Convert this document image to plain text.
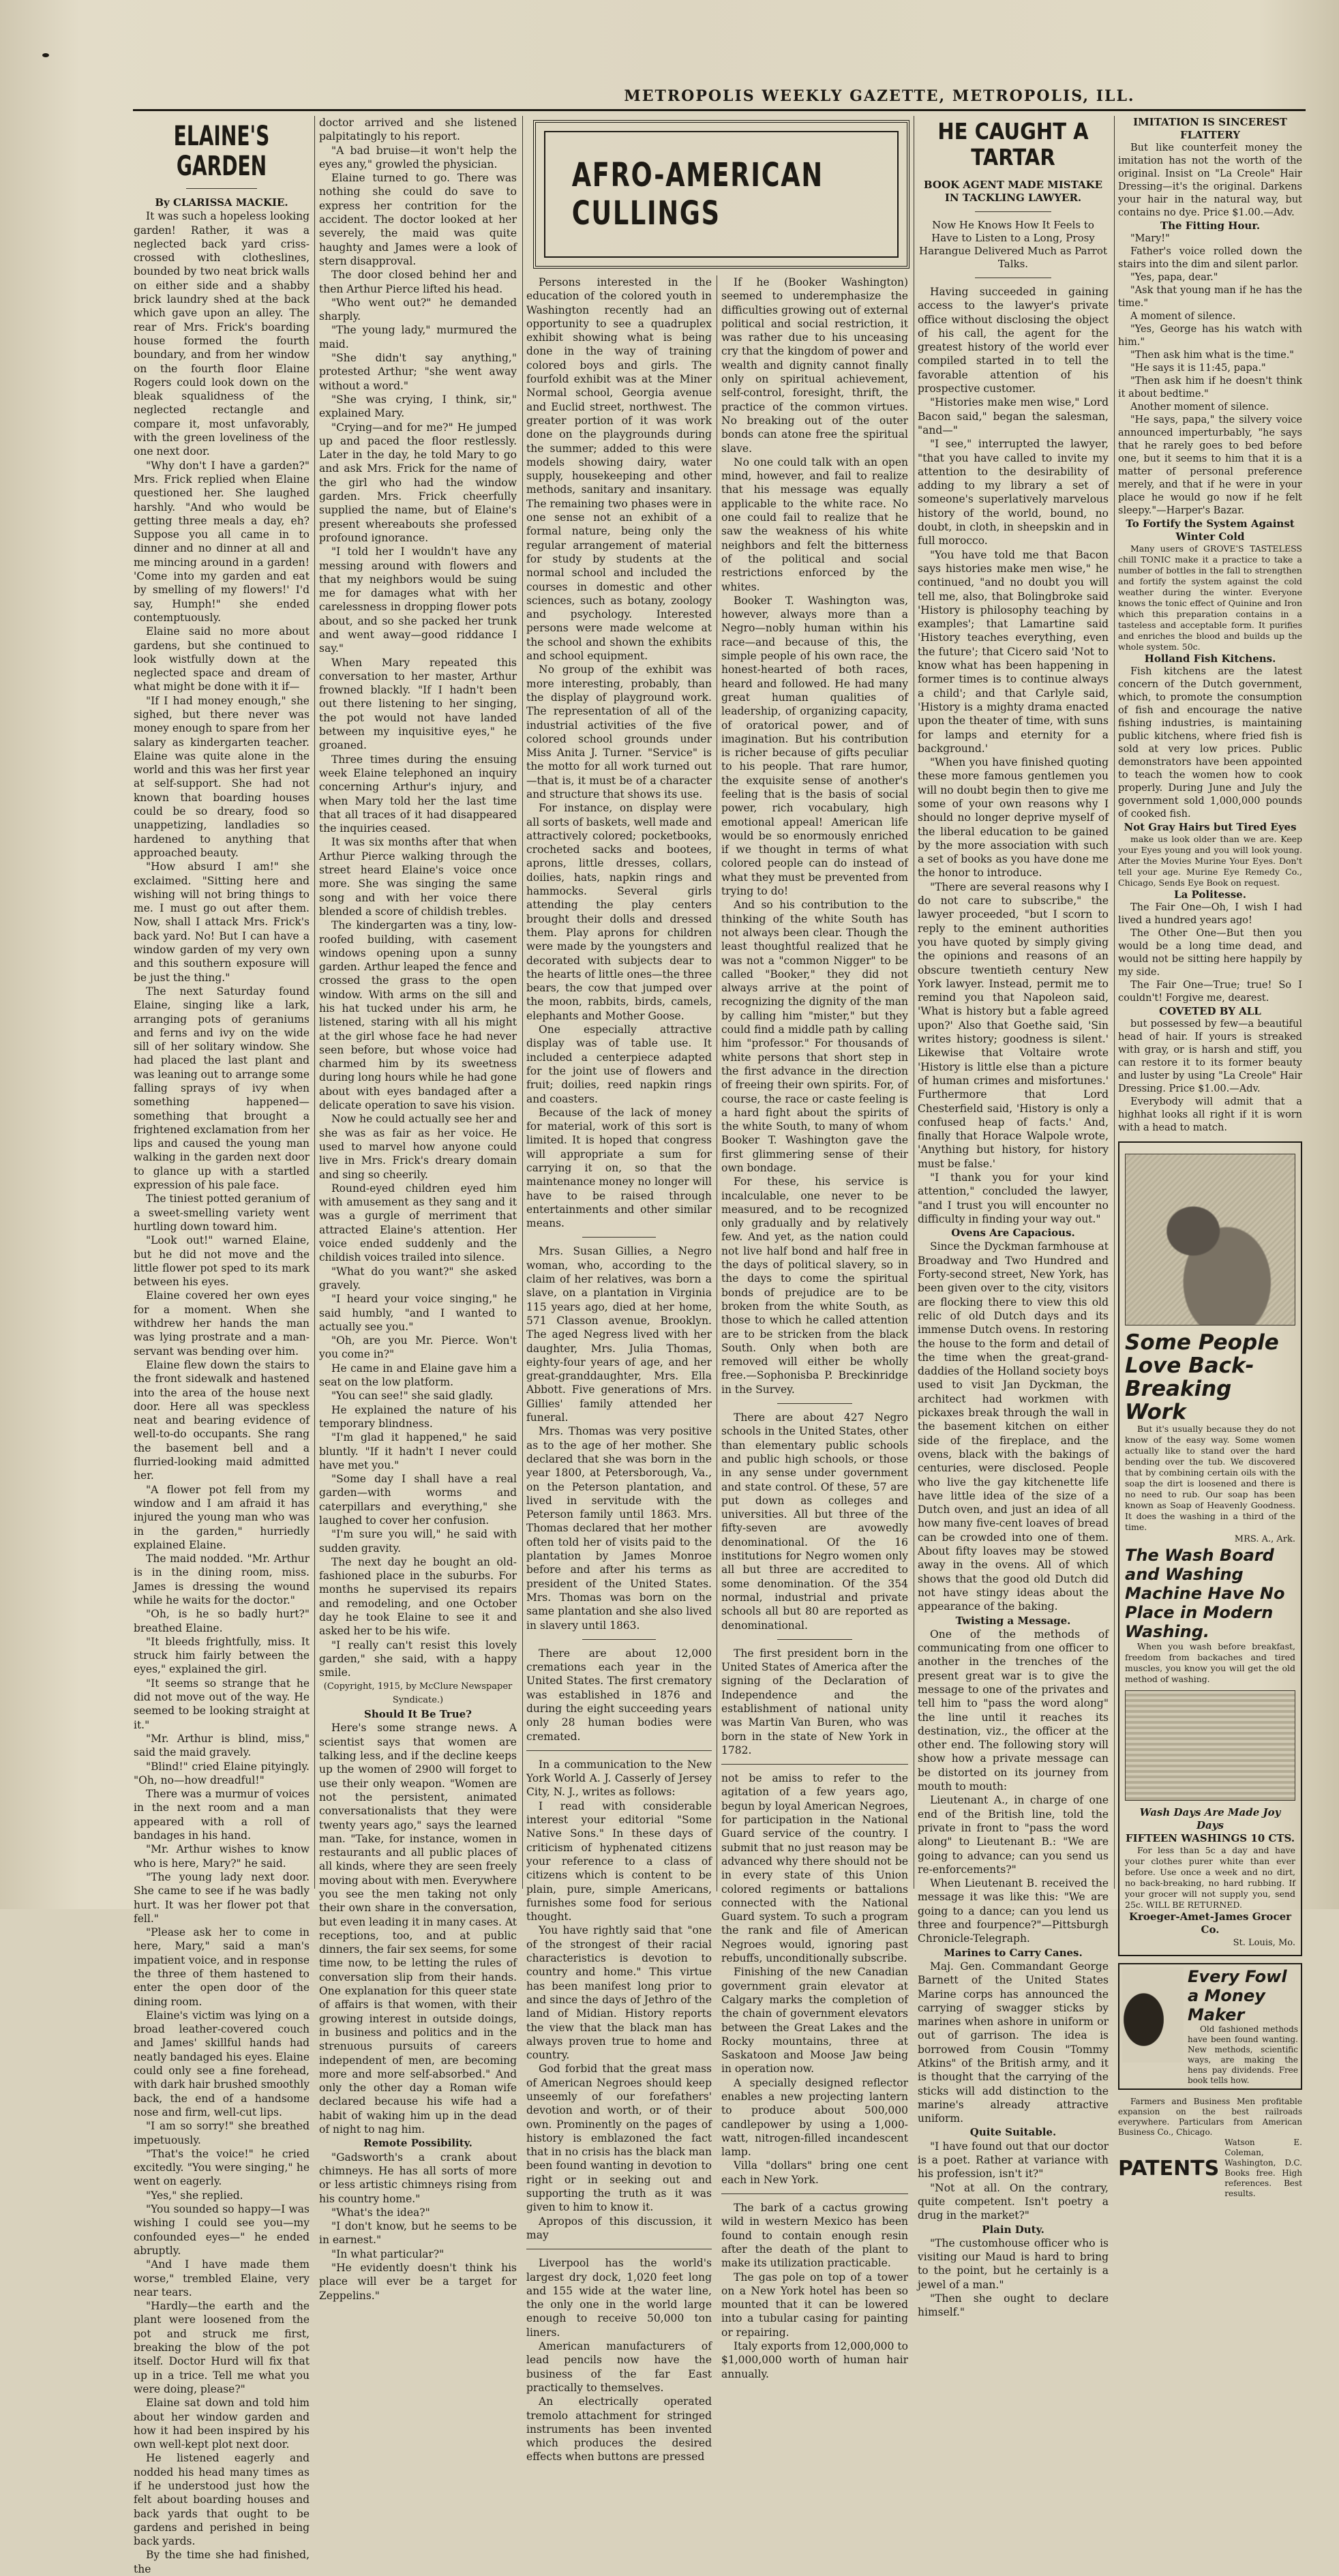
METROPOLIS WEEKLY GAZETTE, METROPOLIS, ILL.
ELAINE'S GARDEN

By CLARISSA MACKIE.

It was such a hopeless looking garden! Rather, it was a neglected back yard criss-crossed with clotheslines, bounded by two neat brick walls on either side and a shabby brick laundry shed at the back which gave upon an alley. The rear of Mrs. Frick's boarding house formed the fourth boundary, and from her window on the fourth floor Elaine Rogers could look down on the bleak squalidness of the neglected rectangle and compare it, most unfavorably, with the green loveliness of the one next door.

"Why don't I have a garden?" Mrs. Frick replied when Elaine questioned her. She laughed harshly. "And who would be getting three meals a day, eh? Suppose you all came in to dinner and no dinner at all and me mincing around in a garden! 'Come into my garden and eat by smelling of my flowers!' I'd say, Humph!" she ended contemptuously.

Elaine said no more about gardens, but she continued to look wistfully down at the neglected space and dream of what might be done with it if—

"If I had money enough," she sighed, but there never was money enough to spare from her salary as kindergarten teacher. Elaine was quite alone in the world and this was her first year at self-support. She had not known that boarding houses could be so dreary, food so unappetizing, landladies so hardened to anything that approached beauty.

"How absurd I am!" she exclaimed. "Sitting here and wishing will not bring things to me. I must go out after them. Now, shall I attack Mrs. Frick's back yard. No! But I can have a window garden of my very own and this southern exposure will be just the thing."

The next Saturday found Elaine, singing like a lark, arranging pots of geraniums and ferns and ivy on the wide sill of her solitary window. She had placed the last plant and was leaning out to arrange some falling sprays of ivy when something happened—something that brought a frightened exclamation from her lips and caused the young man walking in the garden next door to glance up with a startled expression of his pale face.

The tiniest potted geranium of a sweet-smelling variety went hurtling down toward him.

"Look out!" warned Elaine, but he did not move and the little flower pot sped to its mark between his eyes.

Elaine covered her own eyes for a moment. When she withdrew her hands the man was lying prostrate and a man-servant was bending over him.

Elaine flew down the stairs to the front sidewalk and hastened into the area of the house next door. Here all was speckless neat and bearing evidence of well-to-do occupants. She rang the basement bell and a flurried-looking maid admitted her.

"A flower pot fell from my window and I am afraid it has injured the young man who was in the garden," hurriedly explained Elaine.

The maid nodded. "Mr. Arthur is in the dining room, miss. James is dressing the wound while he waits for the doctor."

"Oh, is he so badly hurt?" breathed Elaine.

"It bleeds frightfully, miss. It struck him fairly between the eyes," explained the girl.

"It seems so strange that he did not move out of the way. He seemed to be looking straight at it."

"Mr. Arthur is blind, miss," said the maid gravely.

"Blind!" cried Elaine pityingly. "Oh, no—how dreadful!"

There was a murmur of voices in the next room and a man appeared with a roll of bandages in his hand.

"Mr. Arthur wishes to know who is here, Mary?" he said.

"The young lady next door. She came to see if he was badly hurt. It was her flower pot that fell."

"Please ask her to come in here, Mary," said a man's impatient voice, and in response the three of them hastened to enter the open door of the dining room.

Elaine's victim was lying on a broad leather-covered couch and James' skillful hands had neatly bandaged his eyes. Elaine could only see a fine forehead, with dark hair brushed smoothly back, the end of a handsome nose and firm, well-cut lips.

"I am so sorry!" she breathed impetuously.

"That's the voice!" he cried excitedly. "You were singing," he went on eagerly.

"Yes," she replied.

"You sounded so happy—I was wishing I could see you—my confounded eyes—" he ended abruptly.

"And I have made them worse," trembled Elaine, very near tears.

"Hardly—the earth and the plant were loosened from the pot and struck me first, breaking the blow of the pot itself. Doctor Hurd will fix that up in a trice. Tell me what you were doing, please?"

Elaine sat down and told him about her window garden and how it had been inspired by his own well-kept plot next door.

He listened eagerly and nodded his head many times as if he understood just how the felt about boarding houses and back yards that ought to be gardens and perished in being back yards.

By the time she had finished, the

doctor arrived and she listened palpitatingly to his report.

"A bad bruise—it won't help the eyes any," growled the physician.

Elaine turned to go. There was nothing she could do save to express her contrition for the accident. The doctor looked at her severely, the maid was quite haughty and James were a look of stern disapproval.

The door closed behind her and then Arthur Pierce lifted his head.

"Who went out?" he demanded sharply.

"The young lady," murmured the maid.

"She didn't say anything," protested Arthur; "she went away without a word."

"She was crying, I think, sir," explained Mary.

"Crying—and for me?" He jumped up and paced the floor restlessly. Later in the day, he told Mary to go and ask Mrs. Frick for the name of the girl who had the window garden. Mrs. Frick cheerfully supplied the name, but of Elaine's present whereabouts she professed profound ignorance.

"I told her I wouldn't have any messing around with flowers and that my neighbors would be suing me for damages what with her carelessness in dropping flower pots about, and so she packed her trunk and went away—good riddance I say."

When Mary repeated this conversation to her master, Arthur frowned blackly. "If I hadn't been out there listening to her singing, the pot would not have landed between my inquisitive eyes," he groaned.

Three times during the ensuing week Elaine telephoned an inquiry concerning Arthur's injury, and when Mary told her the last time that all traces of it had disappeared the inquiries ceased.

It was six months after that when Arthur Pierce walking through the street heard Elaine's voice once more. She was singing the same song and with her voice there blended a score of childish trebles.

The kindergarten was a tiny, low-roofed building, with casement windows opening upon a sunny garden. Arthur leaped the fence and crossed the grass to the open window. With arms on the sill and his hat tucked under his arm, he listened, staring with all his might at the girl whose face he had never seen before, but whose voice had charmed him by its sweetness during long hours while he had gone about with eyes bandaged after a delicate operation to save his vision.

Now he could actually see her and she was as fair as her voice. He used to marvel how anyone could live in Mrs. Frick's dreary domain and sing so cheerily.

Round-eyed children eyed him with amusement as they sang and it was a gurgle of merriment that attracted Elaine's attention. Her voice ended suddenly and the childish voices trailed into silence.

"What do you want?" she asked gravely.

"I heard your voice singing," he said humbly, "and I wanted to actually see you."

"Oh, are you Mr. Pierce. Won't you come in?"

He came in and Elaine gave him a seat on the low platform.

"You can see!" she said gladly.

He explained the nature of his temporary blindness.

"I'm glad it happened," he said bluntly. "If it hadn't I never could have met you."

"Some day I shall have a real garden—with worms and caterpillars and everything," she laughed to cover her confusion.

"I'm sure you will," he said with sudden gravity.

The next day he bought an old-fashioned place in the suburbs. For months he supervised its repairs and remodeling, and one October day he took Elaine to see it and asked her to be his wife.

"I really can't resist this lovely garden," she said, with a happy smile.

(Copyright, 1915, by McClure Newspaper Syndicate.)

Should It Be True?

Here's some strange news. A scientist says that women are talking less, and if the decline keeps up the women of 2900 will forget to use their only weapon. "Women are not the persistent, animated conversationalists that they were twenty years ago," says the learned man. "Take, for instance, women in restaurants and all public places of all kinds, where they are seen freely moving about with men. Everywhere you see the men taking not only their own share in the conversation, but even leading it in many cases. At receptions, too, and at public dinners, the fair sex seems, for some time now, to be letting the rules of conversation slip from their hands. One explanation for this queer state of affairs is that women, with their growing interest in outside doings, in business and politics and in the strenuous pursuits of careers independent of men, are becoming more and more self-absorbed." And only the other day a Roman wife declared because his wife had a habit of waking him up in the dead of night to nag him.

Remote Possibility.

"Gadsworth's a crank about chimneys. He has all sorts of more or less artistic chimneys rising from his country home."

"What's the idea?"

"I don't know, but he seems to be in earnest."

"In what particular?"

"He evidently doesn't think his place will ever be a target for Zeppelins."

AFRO-AMERICAN CULLINGS

Persons interested in the education of the colored youth in Washington recently had an opportunity to see a quadruplex exhibit showing what is being done in the way of training colored boys and girls. The fourfold exhibit was at the Miner Normal school, Georgia avenue and Euclid street, northwest. The greater portion of it was work done on the playgrounds during the summer; added to this were models showing dairy, water supply, housekeeping and other methods, sanitary and insanitary. The remaining two phases were in one sense not an exhibit of a formal nature, being only the regular arrangement of material for study by students at the normal school and included the courses in domestic and other sciences, such as botany, zoology and psychology. Interested persons were made welcome at the school and shown the exhibits and school equipment.

No group of the exhibit was more interesting, probably, than the display of playground work. The representation of all of the industrial activities of the five colored school grounds under Miss Anita J. Turner. "Service" is the motto for all work turned out—that is, it must be of a character and structure that shows its use.

For instance, on display were all sorts of baskets, well made and attractively colored; pocketbooks, crocheted sacks and bootees, aprons, little dresses, collars, doilies, hats, napkin rings and hammocks. Several girls attending the play centers brought their dolls and dressed them. Play aprons for children were made by the youngsters and decorated with subjects dear to the hearts of little ones—the three bears, the cow that jumped over the moon, rabbits, birds, camels, elephants and Mother Goose.

One especially attractive display was of table use. It included a centerpiece adapted for the joint use of flowers and fruit; doilies, reed napkin rings and coasters.

Because of the lack of money for material, work of this sort is limited. It is hoped that congress will appropriate a sum for carrying it on, so that the maintenance money no longer will have to be raised through entertainments and other similar means.

Mrs. Susan Gillies, a Negro woman, who, according to the claim of her relatives, was born a slave, on a plantation in Virginia 115 years ago, died at her home, 571 Classon avenue, Brooklyn. The aged Negress lived with her daughter, Mrs. Julia Thomas, eighty-four years of age, and her great-granddaughter, Mrs. Ella Abbott. Five generations of Mrs. Gillies' family attended her funeral.

Mrs. Thomas was very positive as to the age of her mother. She declared that she was born in the year 1800, at Petersborough, Va., on the Peterson plantation, and lived in servitude with the Peterson family until 1863. Mrs. Thomas declared that her mother often told her of visits paid to the plantation by James Monroe before and after his terms as president of the United States. Mrs. Thomas was born on the same plantation and she also lived in slavery until 1863.

There are about 12,000 cremations each year in the United States. The first crematory was established in 1876 and during the eight succeeding years only 28 human bodies were cremated.

In a communication to the New York World A. J. Casserly of Jersey City, N. J., writes as follows:

I read with considerable interest your editorial "Some Native Sons." In these days of criticism of hyphenated citizens your reference to a class of citizens which is content to be plain, pure, simple Americans, furnishes some food for serious thought.

You have rightly said that "one of the strongest of their racial characteristics is devotion to country and home." This virtue has been manifest long prior to and since the days of Jethro of the land of Midian. History reports the view that the black man has always proven true to home and country.

God forbid that the great mass of American Negroes should keep unseemly of our forefathers' devotion and worth, or of their own. Prominently on the pages of history is emblazoned the fact that in no crisis has the black man been found wanting in devotion to right or in seeking out and supporting the truth as it was given to him to know it.

Apropos of this discussion, it may

Liverpool has the world's largest dry dock, 1,020 feet long and 155 wide at the water line, the only one in the world large enough to receive 50,000 ton liners.

American manufacturers of lead pencils now have the business of the far East practically to themselves.

An electrically operated tremolo attachment for stringed instruments has been invented which produces the desired effects when buttons are pressed

If he (Booker Washington) seemed to underemphasize the difficulties growing out of external political and social restriction, it was rather due to his unceasing cry that the kingdom of power and wealth and dignity cannot finally only on spiritual achievement, self-control, foresight, thrift, the practice of the common virtues. No breaking out of the outer bonds can atone free the spiritual slave.

No one could talk with an open mind, however, and fail to realize that his message was equally applicable to the white race. No one could fail to realize that he saw the weakness of his white neighbors and felt the bitterness of the political and social restrictions enforced by the whites.

Booker T. Washington was, however, always more than a Negro—nobly human within his race—and because of this, the simple people of his own race, the honest-hearted of both races, heard and followed. He had many great human qualities of leadership, of organizing capacity, of oratorical power, and of imagination. But his contribution is richer because of gifts peculiar to his people. That rare humor, the exquisite sense of another's feeling that is the basis of social power, rich vocabulary, high emotional appeal! American life would be so enormously enriched if we thought in terms of what colored people can do instead of what they must be prevented from trying to do!

And so his contribution to the thinking of the white South has not always been clear. Though the least thoughtful realized that he was not a "common Nigger" to be called "Booker," they did not always arrive at the point of recognizing the dignity of the man by calling him "mister," but they could find a middle path by calling him "professor." For thousands of white persons that short step in the first advance in the direction of freeing their own spirits. For, of course, the race or caste feeling is a hard fight about the spirits of the white South, to many of whom Booker T. Washington gave the first glimmering sense of their own bondage.

For these, his service is incalculable, one never to be measured, and to be recognized only gradually and by relatively few. And yet, as the nation could not live half bond and half free in the days of political slavery, so in the days to come the spiritual bonds of prejudice are to be broken from the white South, as those to which he called attention are to be stricken from the black South. Only when both are removed will either be wholly free.—Sophonisba P. Breckinridge in the Survey.

There are about 427 Negro schools in the United States, other than elementary public schools and public high schools, or those in any sense under government and state control. Of these, 57 are put down as colleges and universities. All but three of the fifty-seven are avowedly denominational. Of the 16 institutions for Negro women only all but three are accredited to some denomination. Of the 354 normal, industrial and private schools all but 80 are reported as denominational.

The first president born in the United States of America after the signing of the Declaration of Independence and the establishment of national unity was Martin Van Buren, who was born in the state of New York in 1782.

not be amiss to refer to the agitation of a few years ago, begun by loyal American Negroes, for participation in the National Guard service of the country. I submit that no just reason may be advanced why there should not be in every state of this Union colored regiments or battalions connected with the National Guard system. To such a program the rank and file of American Negroes would, ignoring past rebuffs, unconditionally subscribe.

Finishing of the new Canadian government grain elevator at Calgary marks the completion of the chain of government elevators between the Great Lakes and the Rocky mountains, three at Saskatoon and Moose Jaw being in operation now.

A specially designed reflector enables a new projecting lantern to produce about 500,000 candlepower by using a 1,000-watt, nitrogen-filled incandescent lamp.

Villa "dollars" bring one cent each in New York.

The bark of a cactus growing wild in western Mexico has been found to contain enough resin after the death of the plant to make its utilization practicable.

The gas pole on top of a tower on a New York hotel has been so mounted that it can be lowered into a tubular casing for painting or repairing.

Italy exports from 12,000,000 to $1,000,000 worth of human hair annually.

HE CAUGHT A TARTAR

BOOK AGENT MADE MISTAKE IN TACKLING LAWYER.

Now He Knows How It Feels to Have to Listen to a Long, Prosy Harangue Delivered Much as Parrot Talks.

Having succeeded in gaining access to the lawyer's private office without disclosing the object of his call, the agent for the greatest history of the world ever compiled started in to tell the favorable attention of his prospective customer.

"Histories make men wise," Lord Bacon said," began the salesman, "and—"

"I see," interrupted the lawyer, "that you have called to invite my attention to the desirability of adding to my library a set of someone's superlatively marvelous history of the world, bound, no doubt, in cloth, in sheepskin and in full morocco.

"You have told me that Bacon says histories make men wise," he continued, "and no doubt you will tell me, also, that Bolingbroke said 'History is philosophy teaching by examples'; that Lamartine said 'History teaches everything, even the future'; that Cicero said 'Not to know what has been happening in former times is to continue always a child'; and that Carlyle said, 'History is a mighty drama enacted upon the theater of time, with suns for lamps and eternity for a background.'

"When you have finished quoting these more famous gentlemen you will no doubt begin then to give me some of your own reasons why I should no longer deprive myself of the liberal education to be gained by the more association with such a set of books as you have done me the honor to introduce.

"There are several reasons why I do not care to subscribe," the lawyer proceeded, "but I scorn to reply to the eminent authorities you have quoted by simply giving the opinions and reasons of an obscure twentieth century New York lawyer. Instead, permit me to remind you that Napoleon said, 'What is history but a fable agreed upon?' Also that Goethe said, 'Sin writes history; goodness is silent.' Likewise that Voltaire wrote 'History is little else than a picture of human crimes and misfortunes.' Furthermore that Lord Chesterfield said, 'History is only a confused heap of facts.' And, finally that Horace Walpole wrote, 'Anything but history, for history must be false.'

"I thank you for your kind attention," concluded the lawyer, "and I trust you will encounter no difficulty in finding your way out."

Ovens Are Capacious.

Since the Dyckman farmhouse at Broadway and Two Hundred and Forty-second street, New York, has been given over to the city, visitors are flocking there to view this old relic of old Dutch days and its immense Dutch ovens. In restoring the house to the form and detail of the time when the great-grand-daddies of the Holland society boys used to visit Jan Dyckman, the architect had workmen with pickaxes break through the wall in the basement kitchen on either side of the fireplace, and the ovens, black with the bakings of centuries, were disclosed. People who live the gay kitchenette life have little idea of the size of a Dutch oven, and just an idea of all how many five-cent loaves of bread can be crowded into one of them. About fifty loaves may be stowed away in the ovens. All of which shows that the good old Dutch did not have stingy ideas about the appearance of the baking.

Twisting a Message.

One of the methods of communicating from one officer to another in the trenches of the present great war is to give the message to one of the privates and tell him to "pass the word along" the line until it reaches its destination, viz., the officer at the other end. The following story will show how a private message can be distorted on its journey from mouth to mouth:

Lieutenant A., in charge of one end of the British line, told the private in front to "pass the word along" to Lieutenant B.: "We are going to advance; can you send us re-enforcements?"

When Lieutenant B. received the message it was like this: "We are going to a dance; can you lend us three and fourpence?"—Pittsburgh Chronicle-Telegraph.

Marines to Carry Canes.

Maj. Gen. Commandant George Barnett of the United States Marine corps has announced the carrying of swagger sticks by marines when ashore in uniform or out of garrison. The idea is borrowed from Cousin "Tommy Atkins" of the British army, and it is thought that the carrying of the sticks will add distinction to the marine's already attractive uniform.

Quite Suitable.

"I have found out that our doctor is a poet. Rather at variance with his profession, isn't it?"

"Not at all. On the contrary, quite competent. Isn't poetry a drug in the market?"

Plain Duty.

"The customhouse officer who is visiting our Maud is hard to bring to the point, but he certainly is a jewel of a man."

"Then she ought to declare himself."

IMITATION IS SINCEREST FLATTERY

But like counterfeit money the imitation has not the worth of the original. Insist on "La Creole" Hair Dressing—it's the original. Darkens your hair in the natural way, but contains no dye. Price $1.00.—Adv.

The Fitting Hour.

"Mary!"

Father's voice rolled down the stairs into the dim and silent parlor.

"Yes, papa, dear."

"Ask that young man if he has the time."

A moment of silence.

"Yes, George has his watch with him."

"Then ask him what is the time."

"He says it is 11:45, papa."

"Then ask him if he doesn't think it about bedtime."

Another moment of silence.

"He says, papa," the silvery voice announced imperturbably, "he says that he rarely goes to bed before one, but it seems to him that it is a matter of personal preference merely, and that if he were in your place he would go now if he felt sleepy."—Harper's Bazar.

To Fortify the System Against Winter Cold

Many users of GROVE'S TASTELESS chill TONIC make it a practice to take a number of bottles in the fall to strengthen and fortify the system against the cold weather during the winter. Everyone knows the tonic effect of Quinine and Iron which this preparation contains in a tasteless and acceptable form. It purifies and enriches the blood and builds up the whole system. 50c.

Holland Fish Kitchens.

Fish kitchens are the latest concern of the Dutch government, which, to promote the consumption of fish and encourage the native fishing industries, is maintaining public kitchens, where fried fish is sold at very low prices. Public demonstrators have been appointed to teach the women how to cook properly. During June and July the government sold 1,000,000 pounds of cooked fish.

Not Gray Hairs but Tired Eyes

make us look older than we are. Keep your Eyes young and you will look young. After the Movies Murine Your Eyes. Don't tell your age. Murine Eye Remedy Co., Chicago, Sends Eye Book on request.

La Politesse.

The Fair One—Oh, I wish I had lived a hundred years ago!

The Other One—But then you would be a long time dead, and would not be sitting here happily by my side.

The Fair One—True; true! So I couldn't! Forgive me, dearest.

COVETED BY ALL

but possessed by few—a beautiful head of hair. If yours is streaked with gray, or is harsh and stiff, you can restore it to its former beauty and luster by using "La Creole" Hair Dressing. Price $1.00.—Adv.

Everybody will admit that a highhat looks all right if it is worn with a head to match.

Some People Love Back-Breaking Work

But it's usually because they do not know of the easy way. Some women actually like to stand over the hard bending over the tub. We discovered that by combining certain oils with the soap the dirt is loosened and there is no need to rub. Our soap has been known as Soap of Heavenly Goodness. It does the washing in a third of the time.

MRS. A., Ark.

The Wash Board and Washing Machine Have No Place in Modern Washing.

When you wash before breakfast, freedom from backaches and tired muscles, you know you will get the old method of washing.

Wash Days Are Made Joy Days

FIFTEEN WASHINGS 10 CTS.

For less than 5c a day and have your clothes purer white than ever before. Use once a week and no dirt, no back-breaking, no hard rubbing. If your grocer will not supply you, send 25c. WILL BE RETURNED.

Kroeger-Amet-James Grocer Co.

St. Louis, Mo.

Every Fowl a Money Maker

Old fashioned methods have been found wanting. New methods, scientific ways, are making the hens pay dividends. Free book tells how.

Farmers and Business Men profitable expansion on the best railroads everywhere. Particulars from American Business Co., Chicago.

PATENTS
Watson E. Coleman, Washington, D.C. Books free. High references. Best results.
